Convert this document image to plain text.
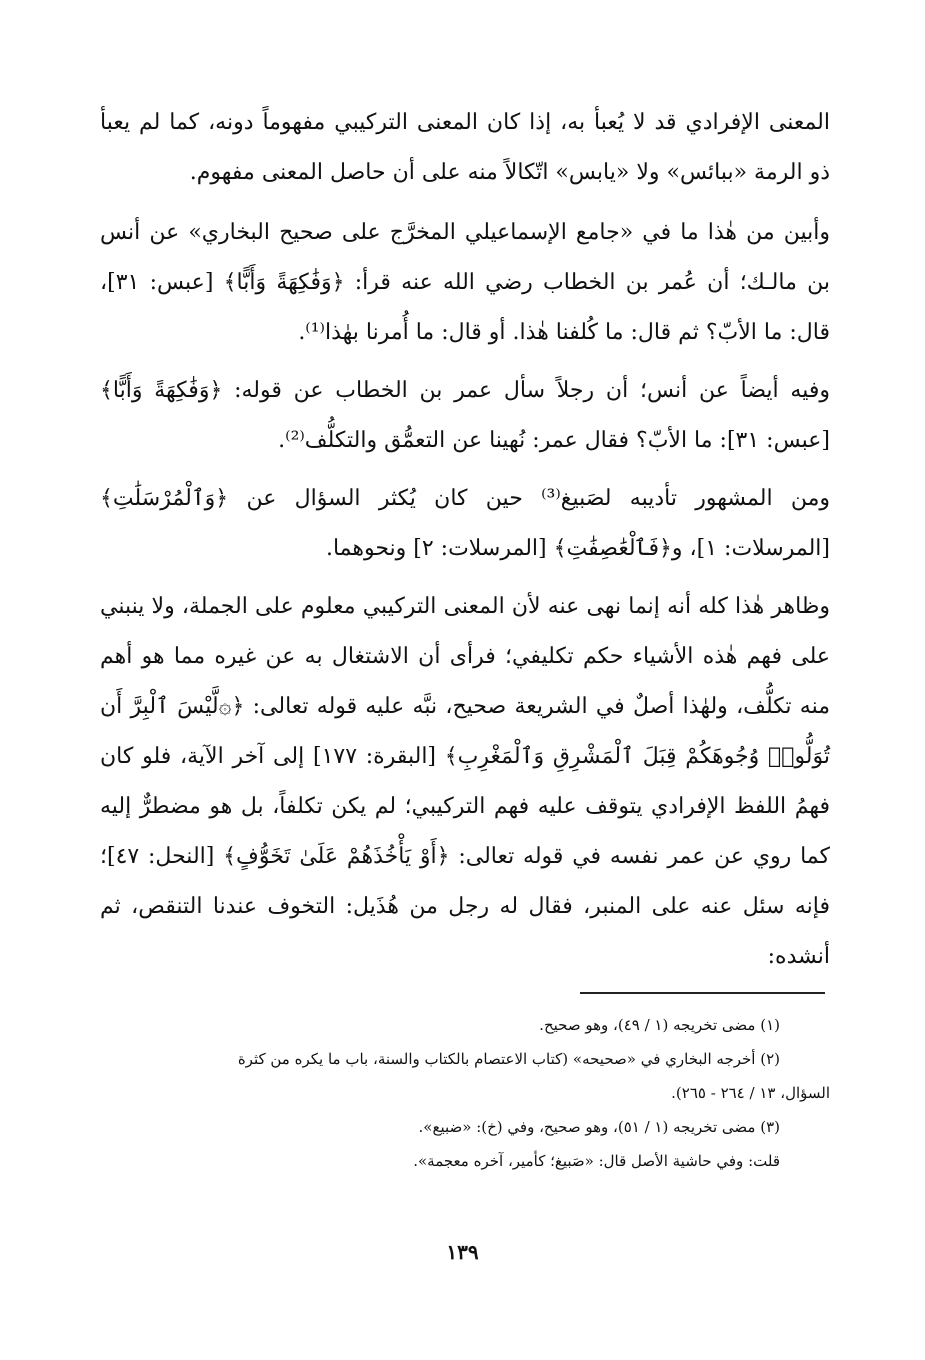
المعنى الإفرادي قد لا يُعبأ به، إذا كان المعنى التركيبي مفهوماً دونه، كما لم يعبأ ذو الرمة «ببائس» ولا «يابس» اتّكالاً منه على أن حاصل المعنى مفهوم.

وأبين من هٰذا ما في «جامع الإسماعيلي المخرَّج على صحيح البخاري» عن أنس بن مالـك؛ أن عُمر بن الخطاب رضي الله عنه قرأ: ﴿وَفَٰكِهَةً وَأَبًّا﴾ [عبس: ٣١]، قال: ما الأبّ؟ ثم قال: ما كُلفنا هٰذا. أو قال: ما أُمرنا بهٰذا⁽¹⁾.

وفيه أيضاً عن أنس؛ أن رجلاً سأل عمر بن الخطاب عن قوله: ﴿وَفَٰكِهَةً وَأَبًّا﴾ [عبس: ٣١]: ما الأبّ؟ فقال عمر: نُهينا عن التعمُّق والتكلُّف⁽²⁾.

ومن المشهور تأديبه لصَبيغ⁽³⁾ حين كان يُكثر السؤال عن ﴿وَٱلْمُرْسَلَٰتِ﴾ [المرسلات: ١]، و﴿فَٱلْعَٰصِفَٰتِ﴾ [المرسلات: ٢] ونحوهما.

وظاهر هٰذا كله أنه إنما نهى عنه لأن المعنى التركيبي معلوم على الجملة، ولا ينبني على فهم هٰذه الأشياء حكم تكليفي؛ فرأى أن الاشتغال به عن غيره مما هو أهم منه تكلُّف، ولهٰذا أصلٌ في الشريعة صحيح، نبَّه عليه قوله تعالى: ﴿۞لَّيْسَ ٱلْبِرَّ أَن تُوَلُّوا۟ وُجُوهَكُمْ قِبَلَ ٱلْمَشْرِقِ وَٱلْمَغْرِبِ﴾ [البقرة: ١٧٧] إلى آخر الآية، فلو كان فهمُ اللفظ الإفرادي يتوقف عليه فهم التركيبي؛ لم يكن تكلفاً، بل هو مضطرٌّ إليه كما روي عن عمر نفسه في قوله تعالى: ﴿أَوْ يَأْخُذَهُمْ عَلَىٰ تَخَوُّفٍ﴾ [النحل: ٤٧]؛ فإنه سئل عنه على المنبر، فقال له رجل من هُذَيل: التخوف عندنا التنقص، ثم أنشده:

(١) مضى تخريجه (١ / ٤٩)، وهو صحيح.

(٢) أخرجه البخاري في «صحيحه» (كتاب الاعتصام بالكتاب والسنة، باب ما يكره من كثرة

السؤال، ١٣ / ٢٦٤ - ٢٦٥).

(٣) مضى تخريجه (١ / ٥١)، وهو صحيح، وفي (خ): «ضبيع».

قلت: وفي حاشية الأصل قال: «صَبيغ؛ كأمير، آخره معجمة».

١٣٩
